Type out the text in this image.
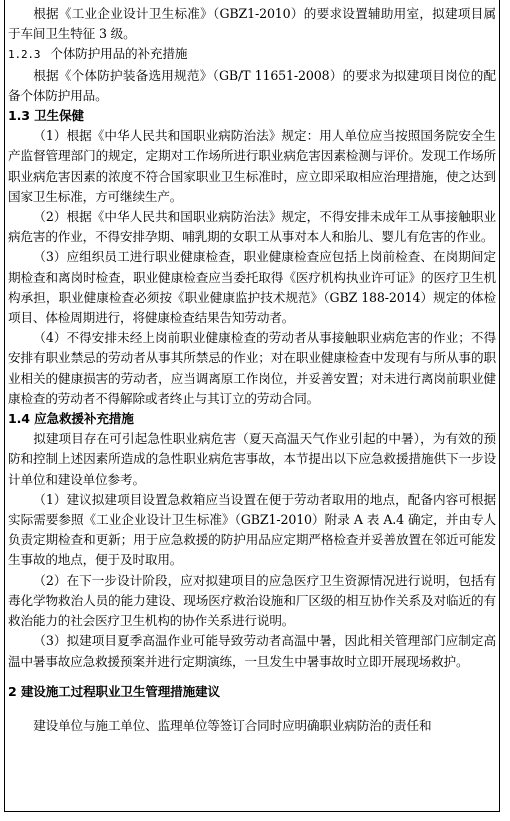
根据《工业企业设计卫生标准》（GBZ1-2010）的要求设置辅助用室，拟建项目属于车间卫生特征 3 级。

1.2.3 个体防护用品的补充措施

根据《个体防护装备选用规范》（GB/T 11651-2008）的要求为拟建项目岗位的配备个体防护用品。

1.3 卫生保健

（1）根据《中华人民共和国职业病防治法》规定：用人单位应当按照国务院安全生产监督管理部门的规定，定期对工作场所进行职业病危害因素检测与评价。发现工作场所职业病危害因素的浓度不符合国家职业卫生标准时，应立即采取相应治理措施，使之达到国家卫生标准，方可继续生产。

（2）根据《中华人民共和国职业病防治法》规定，不得安排未成年工从事接触职业病危害的作业，不得安排孕期、哺乳期的女职工从事对本人和胎儿、婴儿有危害的作业。

（3）应组织员工进行职业健康检查，职业健康检查应包括上岗前检查、在岗期间定期检查和离岗时检查，职业健康检查应当委托取得《医疗机构执业许可证》的医疗卫生机构承担，职业健康检查必须按《职业健康监护技术规范》（GBZ 188-2014）规定的体检项目、体检周期进行，将健康检查结果告知劳动者。

（4）不得安排未经上岗前职业健康检查的劳动者从事接触职业病危害的作业；不得安排有职业禁忌的劳动者从事其所禁忌的作业；对在职业健康检查中发现有与所从事的职业相关的健康损害的劳动者，应当调离原工作岗位，并妥善安置；对未进行离岗前职业健康检查的劳动者不得解除或者终止与其订立的劳动合同。

1.4 应急救援补充措施

拟建项目存在可引起急性职业病危害（夏天高温天气作业引起的中暑），为有效的预防和控制上述因素所造成的急性职业病危害事故，本节提出以下应急救援措施供下一步设计单位和建设单位参考。

（1）建议拟建项目设置急救箱应当设置在便于劳动者取用的地点，配备内容可根据实际需要参照《工业企业设计卫生标准》（GBZ1-2010）附录 A 表 A.4 确定，并由专人负责定期检查和更新；用于应急救援的防护用品应定期严格检查并妥善放置在邻近可能发生事故的地点，便于及时取用。

（2）在下一步设计阶段，应对拟建项目的应急医疗卫生资源情况进行说明，包括有毒化学物救治人员的能力建设、现场医疗救治设施和厂区级的相互协作关系及对临近的有救治能力的社会医疗卫生机构的协作关系进行说明。

（3）拟建项目夏季高温作业可能导致劳动者高温中暑，因此相关管理部门应制定高温中暑事故应急救援预案并进行定期演练，一旦发生中暑事故时立即开展现场救护。

2 建设施工过程职业卫生管理措施建议

建设单位与施工单位、监理单位等签订合同时应明确职业病防治的责任和
